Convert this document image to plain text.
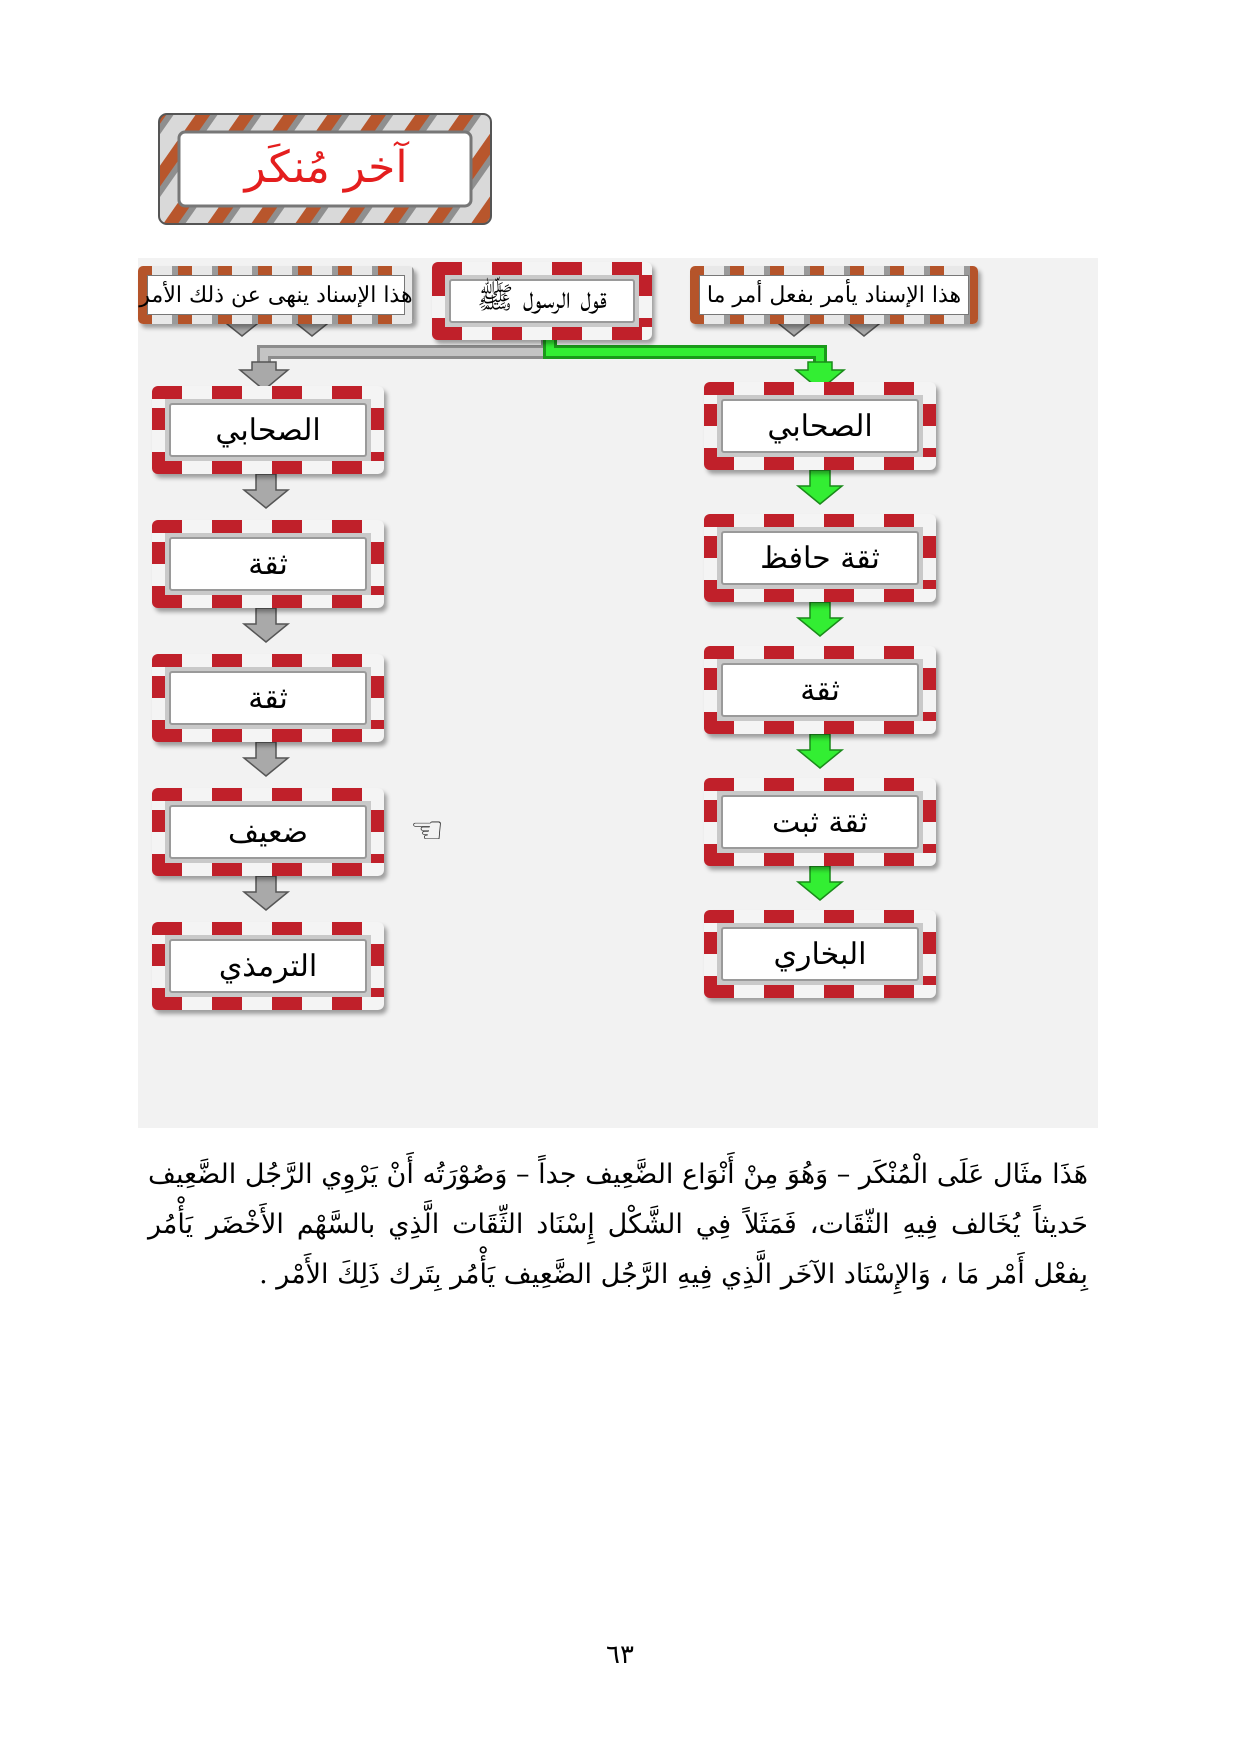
آخر مُنكَر
هذا الإسناد ينهى عن ذلك الأمر	قول الرسول ﷺ	هذا الإسناد يأمر بفعل أمر ما
الصحابي
ثقة
ثقة
ضعيف
الترمذي
☜
الصحابي
ثقة حافظ
ثقة
ثقة ثبت
البخاري
هَذَا مثَال عَلَى الْمُنْكَر – وَهُوَ مِنْ أَنْوَاع الضَّعِيف جداً – وَصُوْرَتُه أَنْ يَرْوِي الرَّجُل الضَّعِيف حَديثاً يُخَالف فِيهِ الثّقَات، فَمَثَلاً فِي الشَّكْل إِسْنَاد الثِّقَات الَّذِي بالسَّهْم الأَخْضَر يَأْمُر بِفعْل أَمْر مَا ، وَالإِسْنَاد الآخَر الَّذِي فِيهِ الرَّجُل الضَّعِيف يَأْمُر بِتَرك ذَلِكَ الأَمْر .
٦٣
